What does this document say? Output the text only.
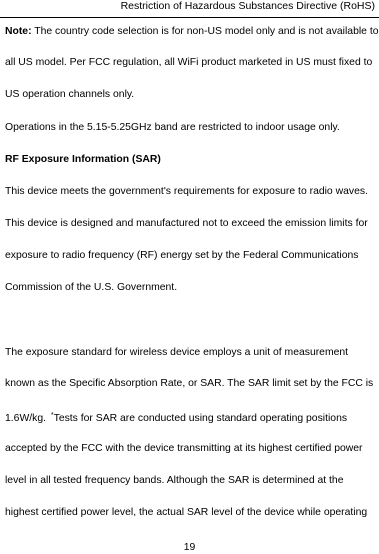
Restriction of Hazardous Substances Directive (RoHS)
Note: The country code selection is for non-US model only and is not available to
all US model. Per FCC regulation, all WiFi product marketed in US must fixed to
US operation channels only.
Operations in the 5.15-5.25GHz band are restricted to indoor usage only.
RF Exposure Information (SAR)
This device meets the government's requirements for exposure to radio waves.
This device is designed and manufactured not to exceed the emission limits for
exposure to radio frequency (RF) energy set by the Federal Communications
Commission of the U.S. Government.
The exposure standard for wireless device employs a unit of measurement
known as the Specific Absorption Rate, or SAR. The SAR limit set by the FCC is
1.6W/kg. *Tests for SAR are conducted using standard operating positions
accepted by the FCC with the device transmitting at its highest certified power
level in all tested frequency bands. Although the SAR is determined at the
highest certified power level, the actual SAR level of the device while operating
19
